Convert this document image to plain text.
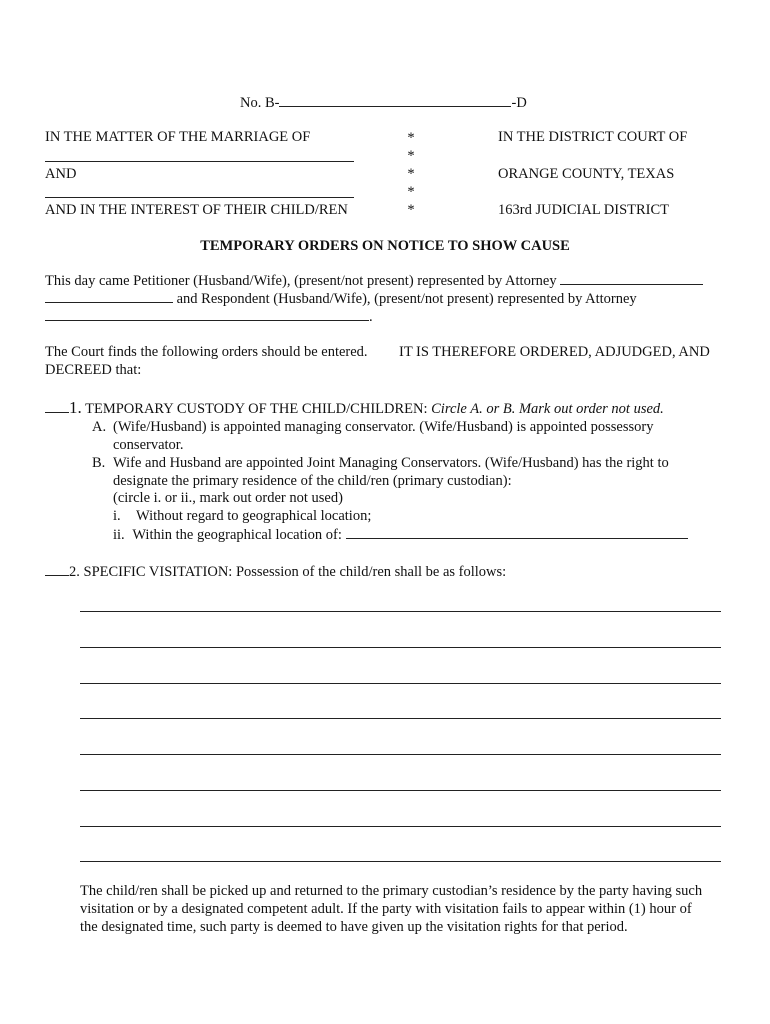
No. B-	-D
IN THE MATTER OF THE MARRIAGE OF
AND
AND IN THE INTEREST OF THEIR CHILD/REN
*
*
*
*
*
IN THE DISTRICT COURT OF
ORANGE COUNTY, TEXAS
163rd JUDICIAL DISTRICT
TEMPORARY ORDERS ON NOTICE TO SHOW CAUSE
This day came Petitioner (Husband/Wife), (present/not present) represented by Attorney
and Respondent (Husband/Wife), (present/not present) represented by Attorney
.
The Court finds the following orders should be entered. IT IS THEREFORE ORDERED, ADJUDGED, AND
DECREED that:
1. TEMPORARY CUSTODY OF THE CHILD/CHILDREN: Circle A. or B. Mark out order not used.
A. (Wife/Husband) is appointed managing conservator. (Wife/Husband) is appointed possessory
conservator.
B. Wife and Husband are appointed Joint Managing Conservators. (Wife/Husband) has the right to
designate the primary residence of the child/ren (primary custodian):
(circle i. or ii., mark out order not used)
i. Without regard to geographical location;
ii. Within the geographical location of:
2. SPECIFIC VISITATION: Possession of the child/ren shall be as follows:
The child/ren shall be picked up and returned to the primary custodian’s residence by the party having such
visitation or by a designated competent adult. If the party with visitation fails to appear within (1) hour of
the designated time, such party is deemed to have given up the visitation rights for that period.
